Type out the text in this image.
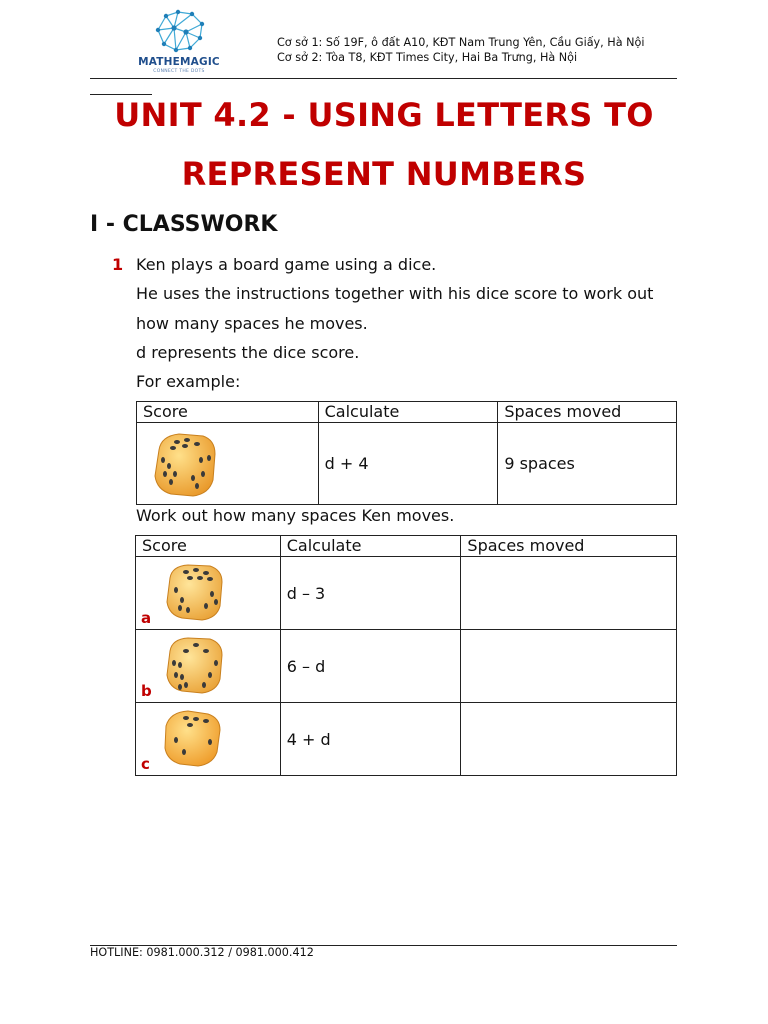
MATHEMAGIC
CONNECT THE DOTS
Cơ sở 1: Số 19F, ô đất A10, KĐT Nam Trung Yên, Cầu Giấy, Hà Nội
Cơ sở 2: Tòa T8, KĐT Times City, Hai Ba Trưng, Hà Nội
UNIT 4.2 - USING LETTERS TO
REPRESENT NUMBERS
I - CLASSWORK
1 Ken plays a board game using a dice.
He uses the instructions together with his dice score to work out
how many spaces he moves.
d represents the dice score.
For example:
Score	Calculate	Spaces moved

	d + 4	9 spaces
Work out how many spaces Ken moves.
Score	Calculate	Spaces moved

a	d – 3	

b	6 – d	

c	4 + d	
HOTLINE: 0981.000.312 / 0981.000.412
